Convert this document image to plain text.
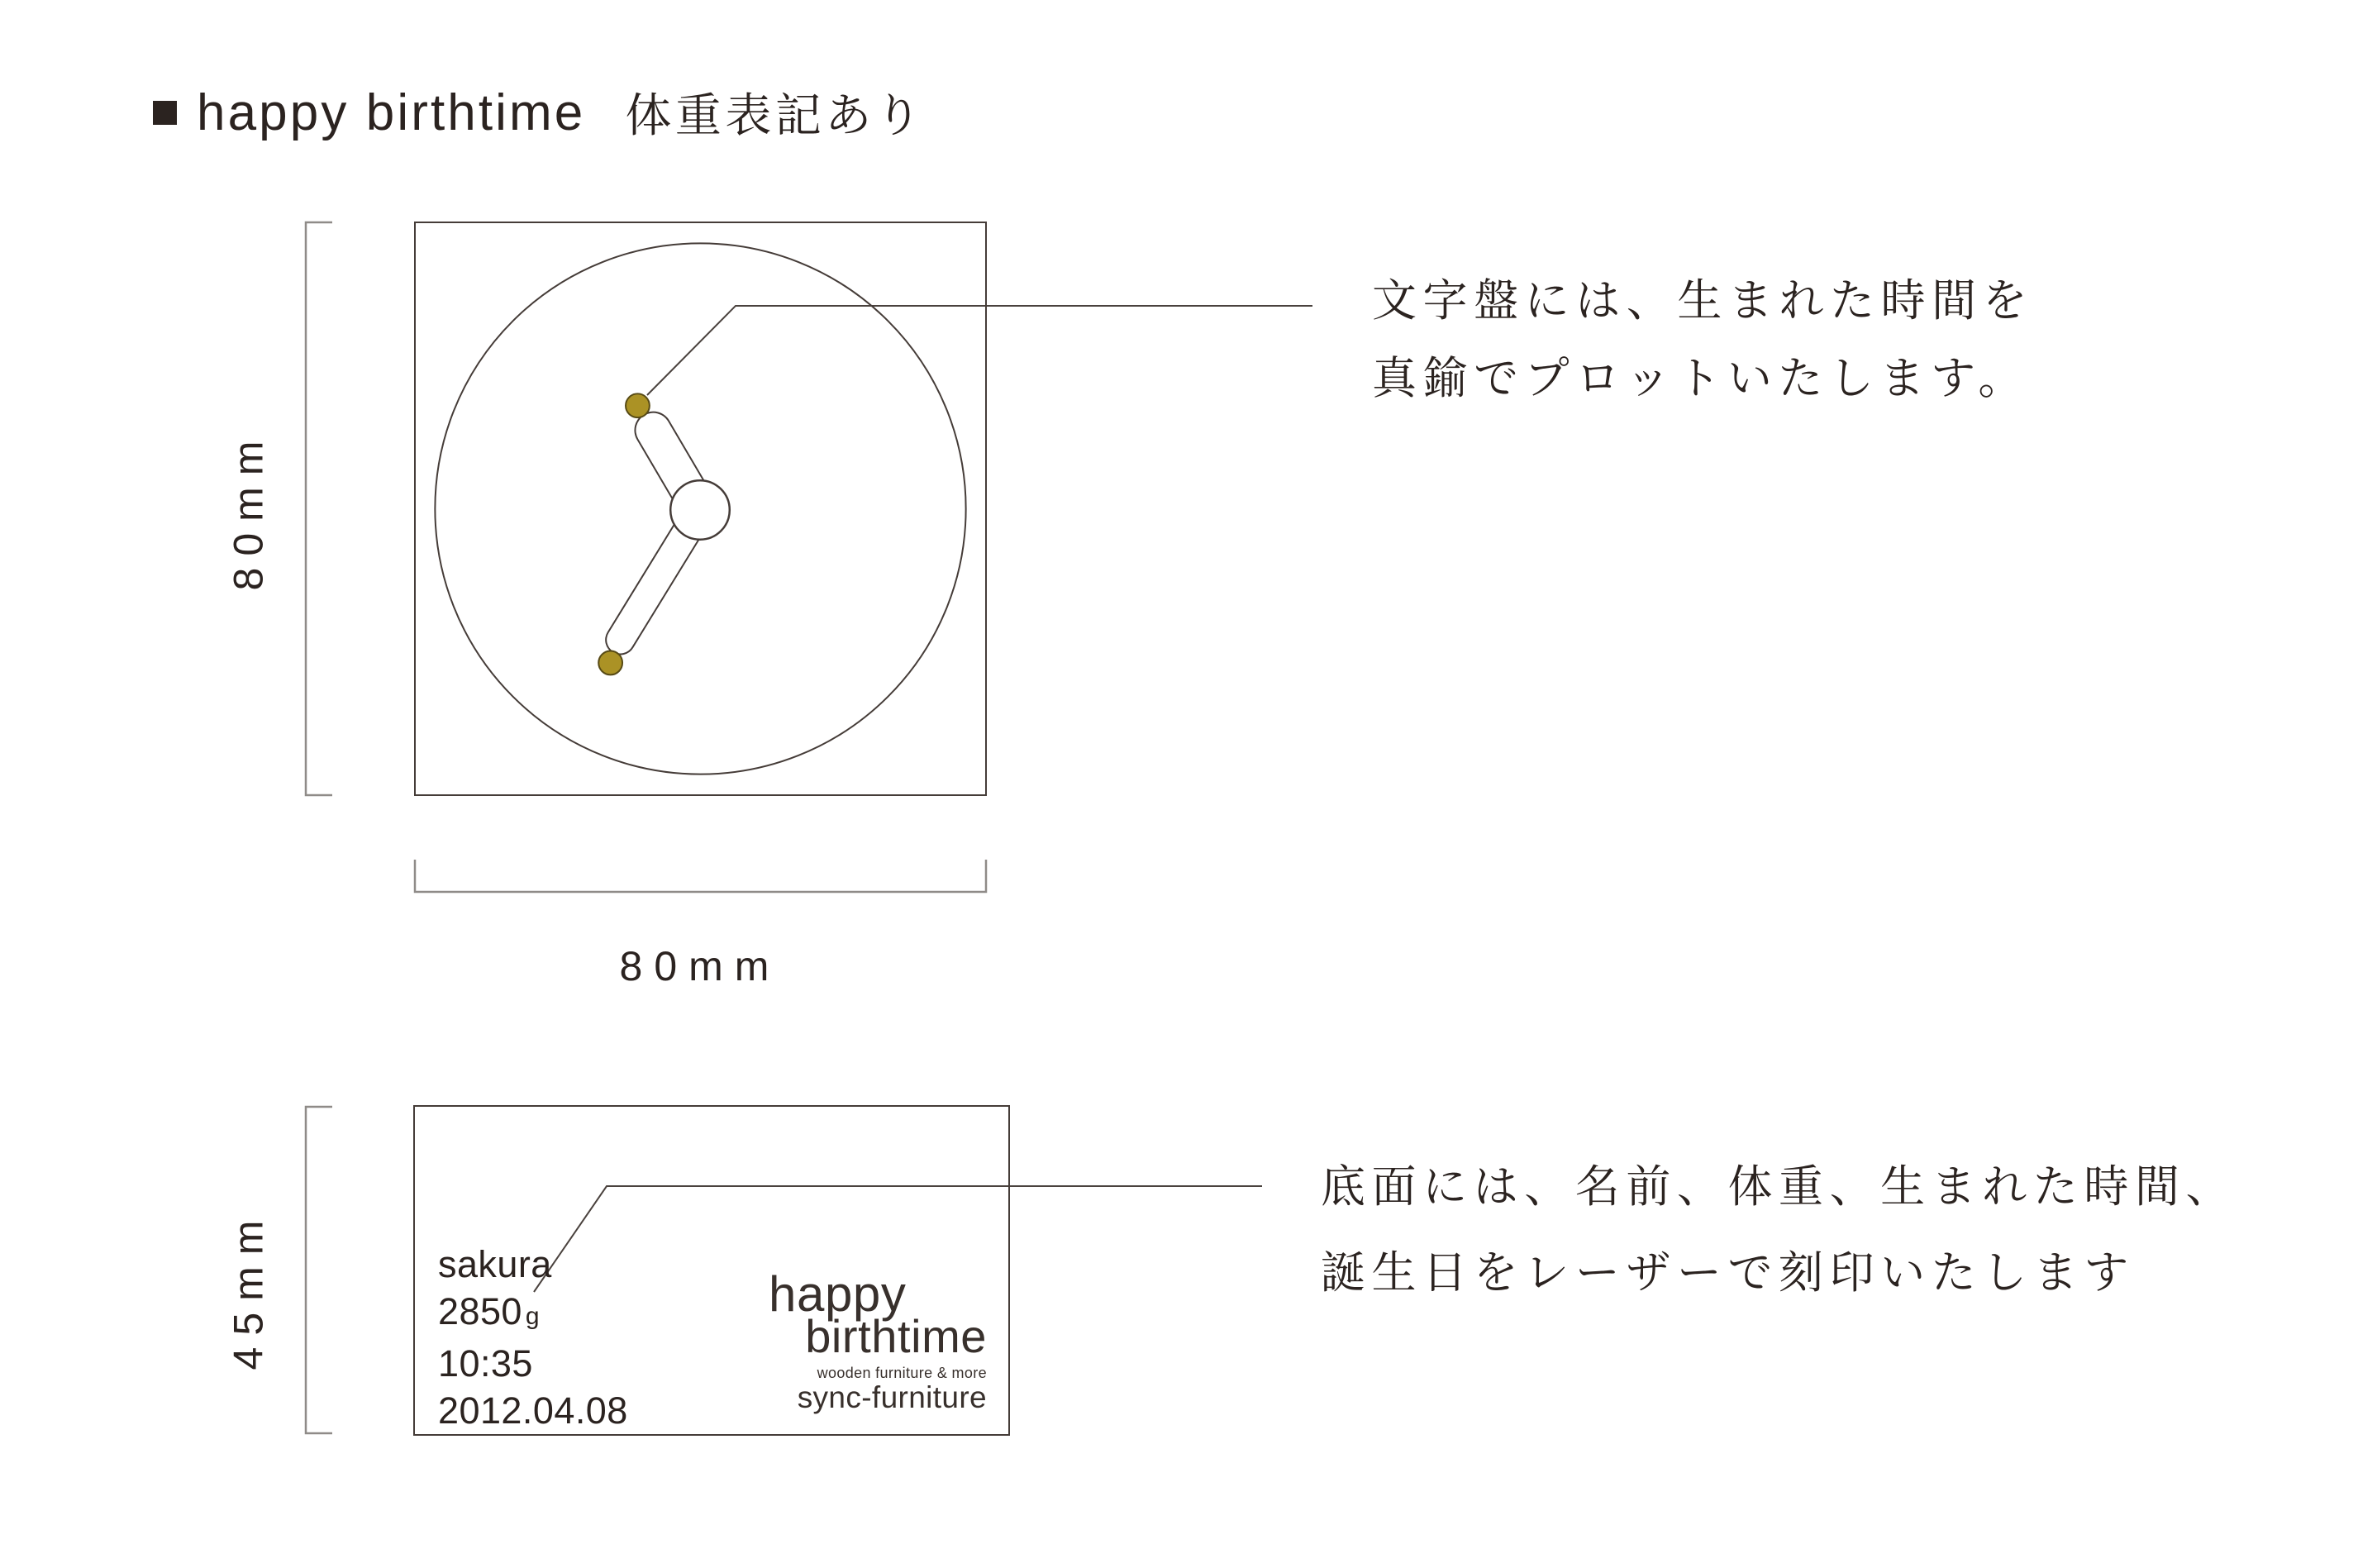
happy birthtime 体重表記あり
80mm
80mm
45mm
文字盤には、生まれた時間を
真鍮でプロットいたします。
sakura
2850 g
10:35
2012.04.08
happy
birthtime
wooden furniture & more
sync-furniture
底面には、名前、体重、生まれた時間、
誕生日をレーザーで刻印いたします
